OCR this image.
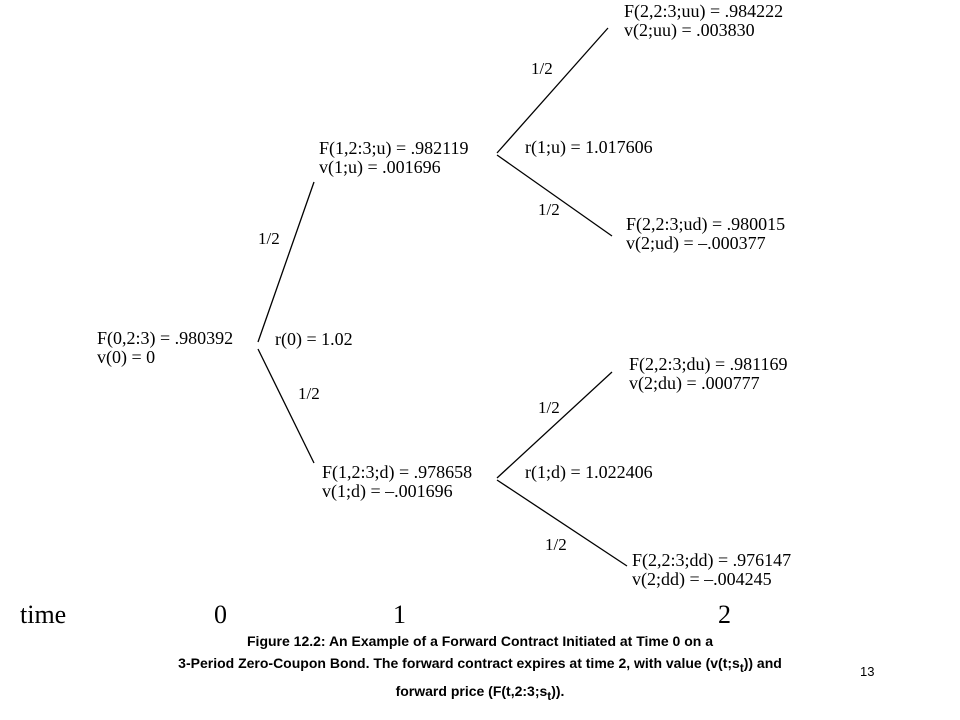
F(0,2:3) = .980392
v(0) = 0
F(1,2:3;u) = .982119
v(1;u) = .001696
F(1,2:3;d) = .978658
v(1;d) = –.001696
F(2,2:3;uu) = .984222
v(2;uu) = .003830
F(2,2:3;ud) = .980015
v(2;ud) = –.000377
F(2,2:3;du) = .981169
v(2;du) = .000777
F(2,2:3;dd) = .976147
v(2;dd) = –.004245
r(0) = 1.02
r(1;u) = 1.017606
r(1;d) = 1.022406
1/2
1/2
1/2
1/2
1/2
1/2
time	0	1	2
Figure 12.2: An Example of a Forward Contract Initiated at Time 0 on a
3-Period Zero-Coupon Bond. The forward contract expires at time 2, with value $(v(t;s_t))$ and
forward price $(F(t,2:3;s_t))$.
13
